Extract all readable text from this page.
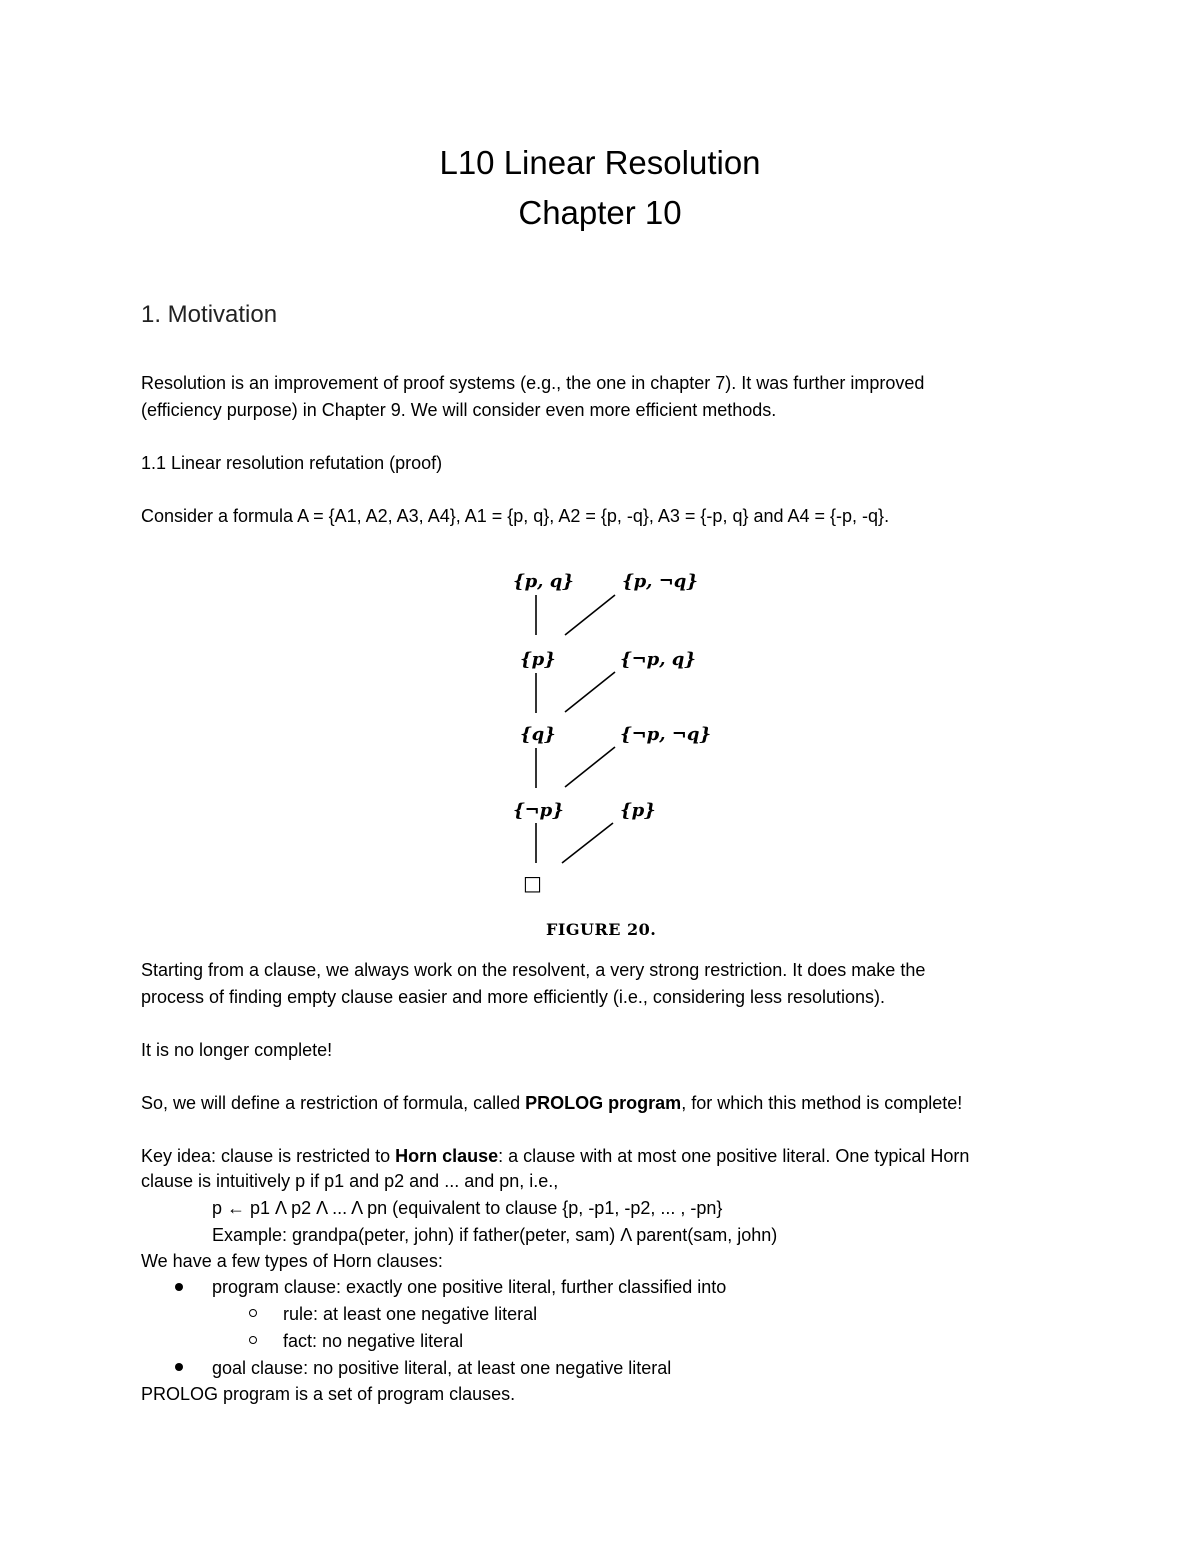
L10 Linear Resolution
Chapter 10
1. Motivation
Resolution is an improvement of proof systems (e.g., the one in chapter 7). It was further improved
(efficiency purpose) in Chapter 9. We will consider even more efficient methods.
1.1 Linear resolution refutation (proof)
Consider a formula A = {A1, A2, A3, A4}, A1 = {p, q}, A2 = {p, -q}, A3 = {-p, q} and A4 = {-p, -q}.
{p, q}
{p}
{q}
{¬p}
{p, ¬q}
{¬p, q}
{¬p, ¬q}
{p}
□
FIGURE 20.
Starting from a clause, we always work on the resolvent, a very strong restriction. It does make the
process of finding empty clause easier and more efficiently (i.e., considering less resolutions).
It is no longer complete!
So, we will define a restriction of formula, called PROLOG program, for which this method is complete!
Key idea: clause is restricted to Horn clause: a clause with at most one positive literal. One typical Horn
clause is intuitively p if p1 and p2 and ... and pn, i.e.,
p ← p1 Λ p2 Λ ... Λ pn (equivalent to clause {p, -p1, -p2, ... , -pn}
Example: grandpa(peter, john) if father(peter, sam) Λ parent(sam, john)
We have a few types of Horn clauses:
program clause: exactly one positive literal, further classified into
rule: at least one negative literal
fact: no negative literal
goal clause: no positive literal, at least one negative literal
PROLOG program is a set of program clauses.
